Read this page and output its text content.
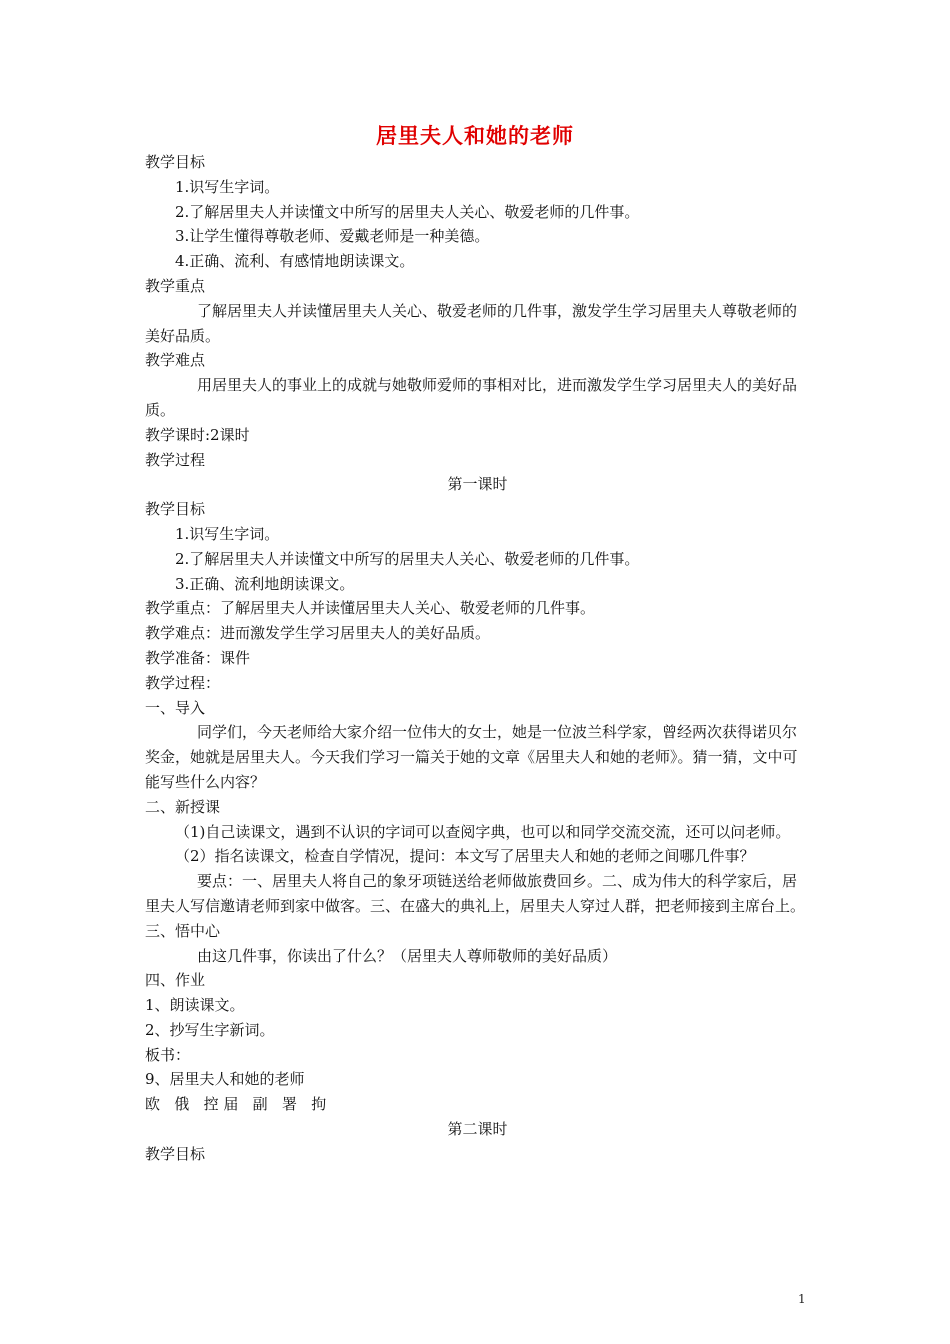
居里夫人和她的老师
教学目标
1.识写生字词。
2.了解居里夫人并读懂文中所写的居里夫人关心、敬爱老师的几件事。
3.让学生懂得尊敬老师、爱戴老师是一种美德。
4.正确、流利、有感情地朗读课文。
教学重点
了解居里夫人并读懂居里夫人关心、敬爱老师的几件事，激发学生学习居里夫人尊敬老师的美好品质。
教学难点
用居里夫人的事业上的成就与她敬师爱师的事相对比，进而激发学生学习居里夫人的美好品质。
教学课时:2课时
教学过程
第一课时
教学目标
1.识写生字词。
2.了解居里夫人并读懂文中所写的居里夫人关心、敬爱老师的几件事。
3.正确、流利地朗读课文。
教学重点：了解居里夫人并读懂居里夫人关心、敬爱老师的几件事。
教学难点：进而激发学生学习居里夫人的美好品质。
教学准备：课件
教学过程：
一、导入
同学们，今天老师给大家介绍一位伟大的女士，她是一位波兰科学家，曾经两次获得诺贝尔奖金，她就是居里夫人。今天我们学习一篇关于她的文章《居里夫人和她的老师》。猜一猜，文中可能写些什么内容？
二、新授课
（1)自己读课文，遇到不认识的字词可以查阅字典，也可以和同学交流交流，还可以问老师。
（2）指名读课文，检查自学情况，提问：本文写了居里夫人和她的老师之间哪几件事？
要点：一、居里夫人将自己的象牙项链送给老师做旅费回乡。二、成为伟大的科学家后，居里夫人写信邀请老师到家中做客。三、在盛大的典礼上，居里夫人穿过人群，把老师接到主席台上。
三、悟中心
由这几件事，你读出了什么？（居里夫人尊师敬师的美好品质）
四、作业
1、朗读课文。
2、抄写生字新词。
板书：
9、居里夫人和她的老师
欧   俄   控 届   副   署   拘
第二课时
教学目标
1
